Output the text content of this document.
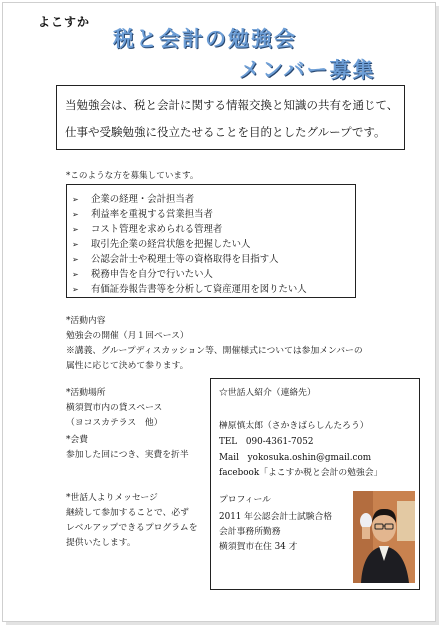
よこすか
税と会計の勉強会
メンバー募集

当勉強会は、税と会計に関する情報交換と知識の共有を通じて、

仕事や受験勉強に役立たせることを目的としたグループです。

*このような方を募集しています。
➢ 企業の経理・会計担当者
➢ 利益率を重視する営業担当者
➢ コスト管理を求められる管理者
➢ 取引先企業の経営状態を把握したい人
➢ 公認会計士や税理士等の資格取得を目指す人
➢ 税務申告を自分で行いたい人
➢ 有価証券報告書等を分析して資産運用を図りたい人
*活動内容
勉強会の開催（月１回ペース）
※講義、グループディスカッション等、開催様式については参加メンバーの
属性に応じて決めて参ります。
*活動場所
横須賀市内の貸スペース
（ヨコスカテラス　他）
*会費
参加した回につき、実費を折半
*世話人よりメッセージ
継続して参加することで、必ず
レベルアップできるプログラムを
提供いたします。
☆世話人紹介（連絡先）
榊原慎太郎（さかきばらしんたろう）
TEL　090-4361-7052
Mail　yokosuka.oshin@gmail.com
facebook「よこすか税と会計の勉強会」
プロフィール
2011 年公認会計士試験合格
会計事務所勤務
横須賀市在住 34 才
